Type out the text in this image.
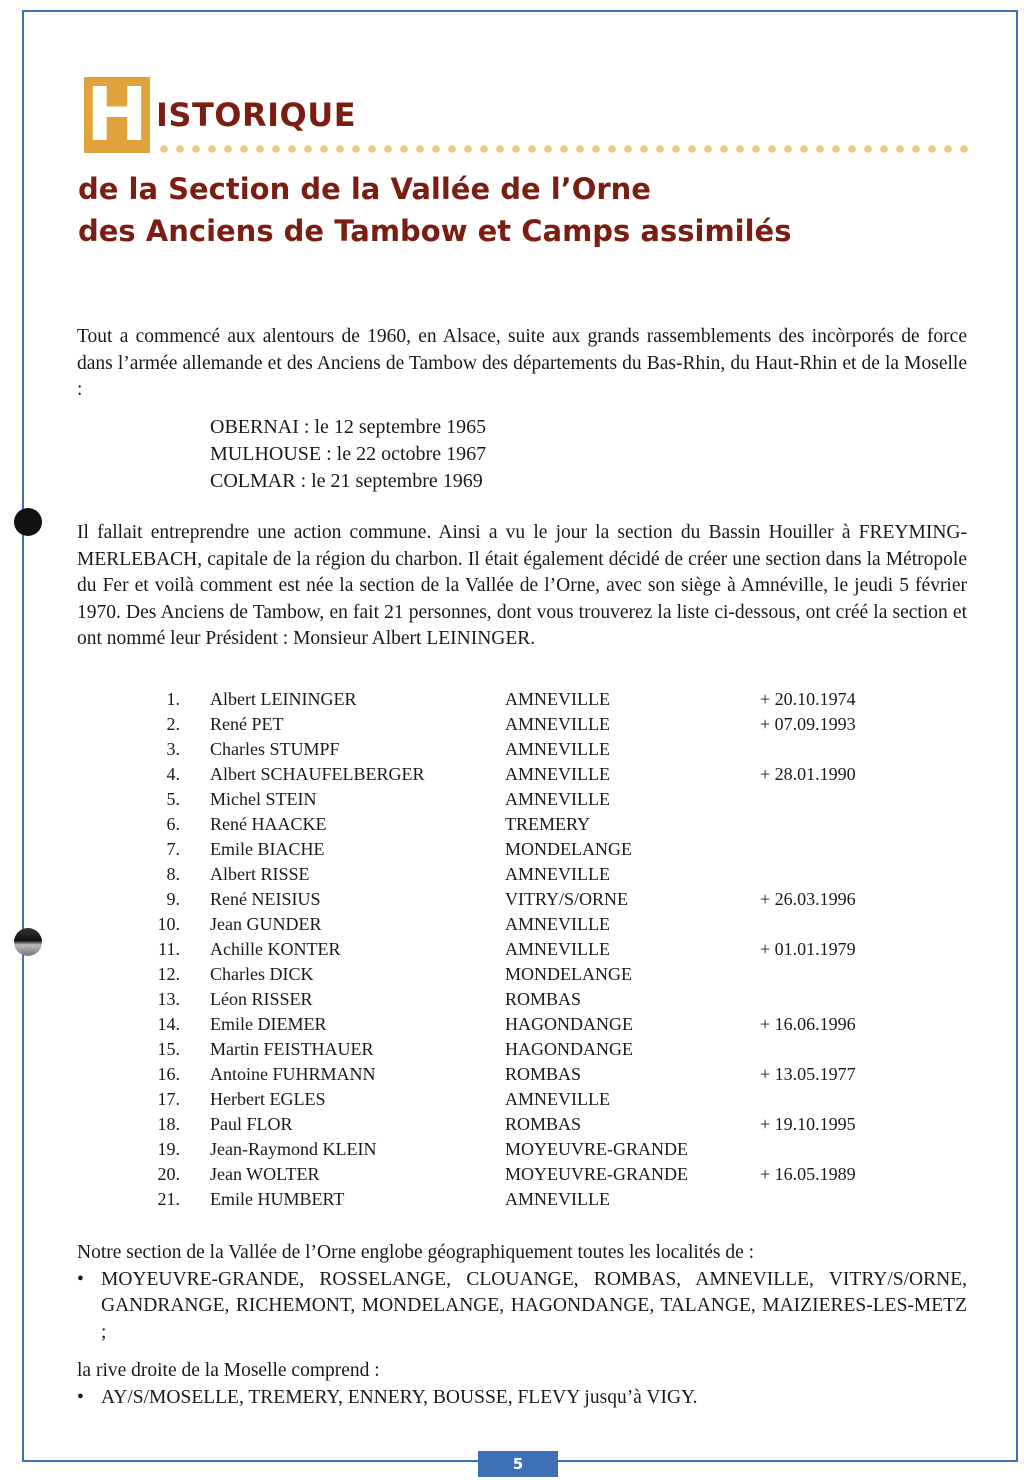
H ISTORIQUE
de la Section de la Vallée de l’Orne
des Anciens de Tambow et Camps assimilés

Tout a commencé aux alentours de 1960, en Alsace, suite aux grands rassemblements des incòrporés de force dans l’armée allemande et des Anciens de Tambow des départements du Bas-Rhin, du Haut-Rhin et de la Moselle :

OBERNAI : le 12 septembre 1965
MULHOUSE : le 22 octobre 1967
COLMAR : le 21 septembre 1969

Il fallait entreprendre une action commune. Ainsi a vu le jour la section du Bassin Houiller à FREYMING-MERLEBACH, capitale de la région du charbon. Il était également décidé de créer une section dans la Métropole du Fer et voilà comment est née la section de la Vallée de l’Orne, avec son siège à Amnéville, le jeudi 5 février 1970. Des Anciens de Tambow, en fait 21 personnes, dont vous trouverez la liste ci-dessous, ont créé la section et ont nommé leur Président : Monsieur Albert LEININGER.

1. Albert LEININGER	AMNEVILLE	+ 20.10.1974
2. René PET	AMNEVILLE	+ 07.09.1993
3. Charles STUMPF	AMNEVILLE
4. Albert SCHAUFELBERGER	AMNEVILLE	+ 28.01.1990
5. Michel STEIN	AMNEVILLE
6. René HAACKE	TREMERY
7. Emile BIACHE	MONDELANGE
8. Albert RISSE	AMNEVILLE
9. René NEISIUS	VITRY/S/ORNE	+ 26.03.1996
10. Jean GUNDER	AMNEVILLE
11. Achille KONTER	AMNEVILLE	+ 01.01.1979
12. Charles DICK	MONDELANGE
13. Léon RISSER	ROMBAS
14. Emile DIEMER	HAGONDANGE	+ 16.06.1996
15. Martin FEISTHAUER	HAGONDANGE
16. Antoine FUHRMANN	ROMBAS	+ 13.05.1977
17. Herbert EGLES	AMNEVILLE
18. Paul FLOR	ROMBAS	+ 19.10.1995
19. Jean-Raymond KLEIN	MOYEUVRE-GRANDE
20. Jean WOLTER	MOYEUVRE-GRANDE	+ 16.05.1989
21. Emile HUMBERT	AMNEVILLE
Notre section de la Vallée de l’Orne englobe géographiquement toutes les localités de :
• MOYEUVRE-GRANDE, ROSSELANGE, CLOUANGE, ROMBAS, AMNEVILLE, VITRY/S/ORNE, GANDRANGE, RICHEMONT, MONDELANGE, HAGONDANGE, TALANGE, MAIZIERES-LES-METZ ;
la rive droite de la Moselle comprend :
• AY/S/MOSELLE, TREMERY, ENNERY, BOUSSE, FLEVY jusqu’à VIGY.
5
